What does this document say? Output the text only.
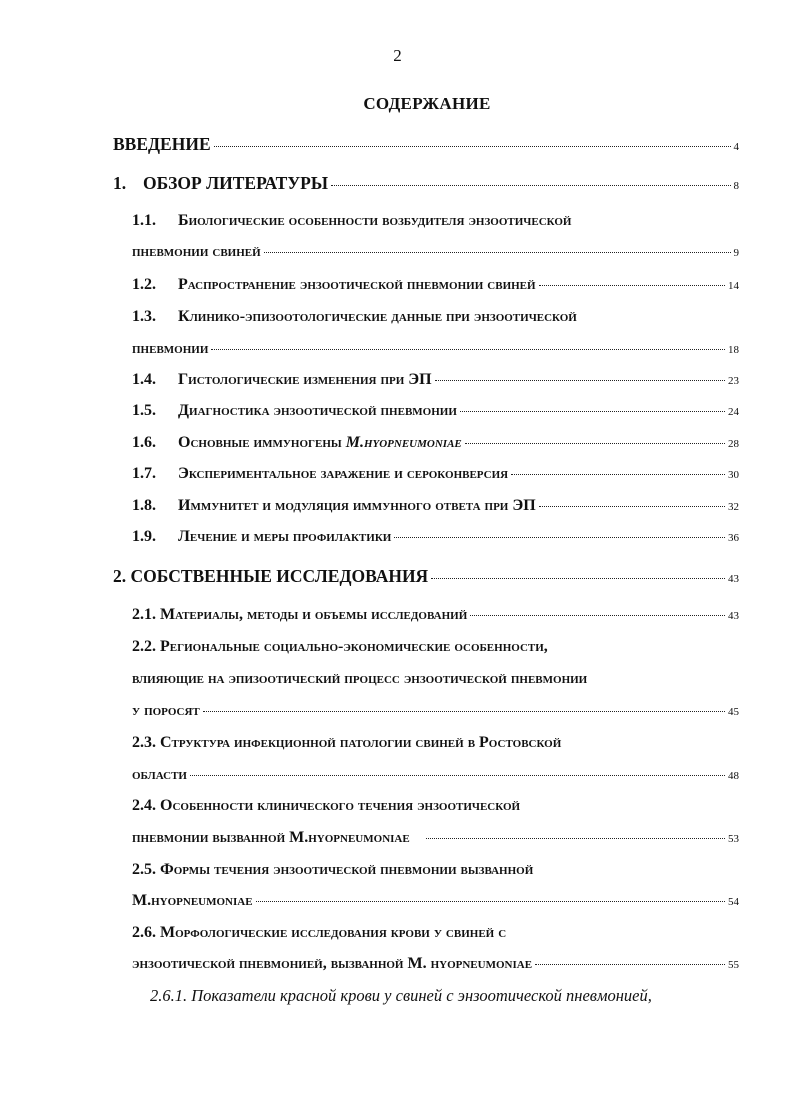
2
СОДЕРЖАНИЕ
ВВЕДЕНИЕ	4
1. ОБЗОР ЛИТЕРАТУРЫ	8
1.1. Биологические особенности возбудителя энзоотической
пневмонии свиней	9
1.2. Распространение энзоотической пневмонии свиней	14
1.3. Клинико-эпизоотологические данные при энзоотической
пневмонии	18
1.4. Гистологические изменения при ЭП	23
1.5. Диагностика энзоотической пневмонии	24
1.6. Основные иммуногены M.hyopneumoniae	28
1.7. Экспериментальное заражение и сероконверсия	30
1.8. Иммунитет и модуляция иммунного ответа при ЭП	32
1.9. Лечение и меры профилактики	36
2. СОБСТВЕННЫЕ ИССЛЕДОВАНИЯ	43
2.1. Материалы, методы и объемы исследований	43
2.2. Региональные социально-экономические особенности,
влияющие на эпизоотический процесс энзоотической пневмонии
у поросят	45
2.3. Структура инфекционной патологии свиней в Ростовской
области	48
2.4. Особенности клинического течения энзоотической
пневмонии вызванной M.hyopneumoniae	53
2.5. Формы течения энзоотической пневмонии вызванной
M.hyopneumoniae	54
2.6. Морфологические исследования крови у свиней с
энзоотической пневмонией, вызванной M. hyopneumoniae	55
2.6.1. Показатели красной крови у свиней с энзоотической пневмонией,
